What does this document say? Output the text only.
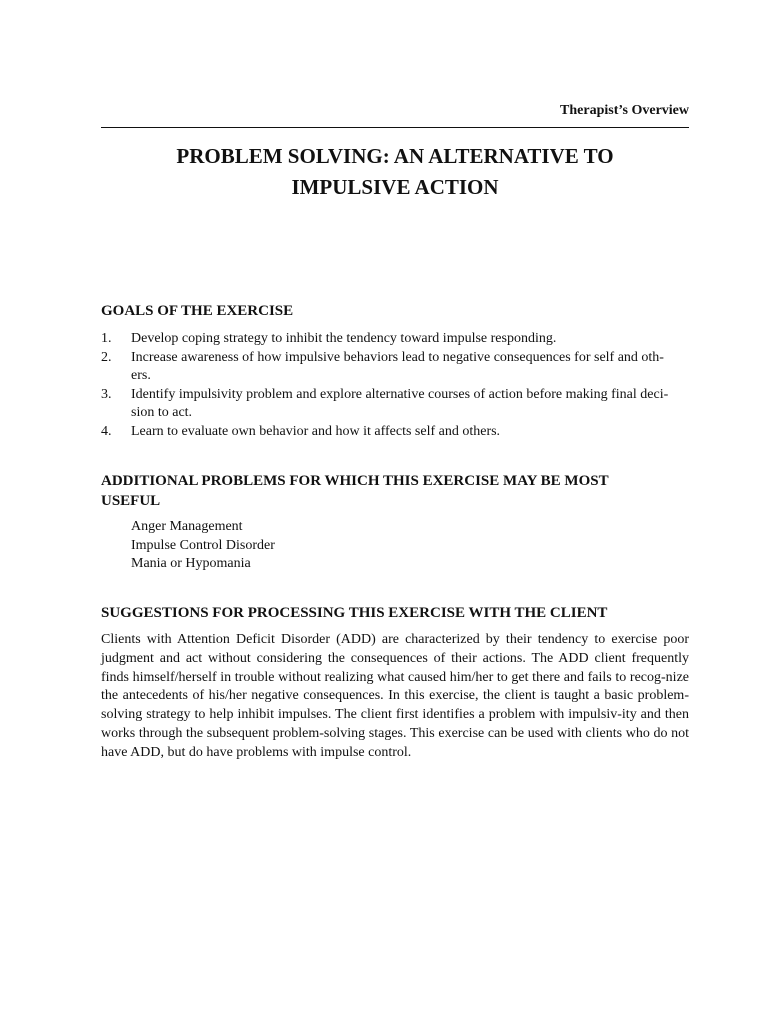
Therapist’s Overview
PROBLEM SOLVING: AN ALTERNATIVE TO
IMPULSIVE ACTION
GOALS OF THE EXERCISE
1.	Develop coping strategy to inhibit the tendency toward impulse responding.
2.	Increase awareness of how impulsive behaviors lead to negative consequences for self and oth-
ers.
3.	Identify impulsivity problem and explore alternative courses of action before making final deci-
sion to act.
4.	Learn to evaluate own behavior and how it affects self and others.
ADDITIONAL PROBLEMS FOR WHICH THIS EXERCISE MAY BE MOST
USEFUL
Anger Management
Impulse Control Disorder
Mania or Hypomania
SUGGESTIONS FOR PROCESSING THIS EXERCISE WITH THE CLIENT

Clients with Attention Deficit Disorder (ADD) are characterized by their tendency to exercise poor judgment and act without considering the consequences of their actions. The ADD client frequently finds himself/herself in trouble without realizing what caused him/her to get there and fails to recog-nize the antecedents of his/her negative consequences. In this exercise, the client is taught a basic problem-solving strategy to help inhibit impulses. The client first identifies a problem with impulsiv-ity and then works through the subsequent problem-solving stages. This exercise can be used with clients who do not have ADD, but do have problems with impulse control.
